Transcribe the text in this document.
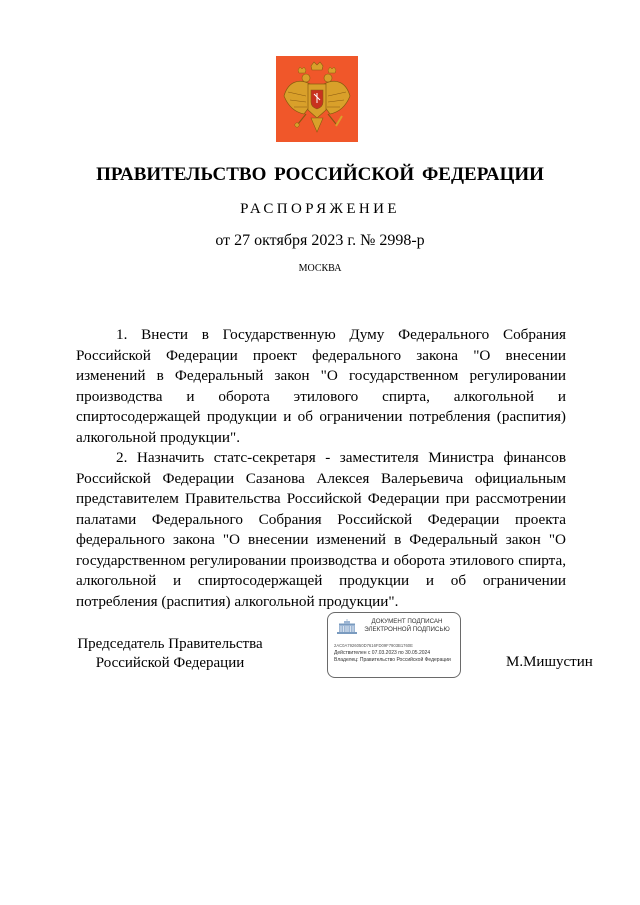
ПРАВИТЕЛЬСТВО РОССИЙСКОЙ ФЕДЕРАЦИИ
РАСПОРЯЖЕНИЕ
от 27 октября 2023 г. № 2998-р
МОСКВА

1. Внести в Государственную Думу Федерального Собрания Российской Федерации проект федерального закона "О внесении изменений в Федеральный закон "О государственном регулировании производства и оборота этилового спирта, алкогольной и спиртосодержащей продукции и об ограничении потребления (распития) алкогольной продукции".

2. Назначить статс-секретаря - заместителя Министра финансов Российской Федерации Сазанова Алексея Валерьевича официальным представителем Правительства Российской Федерации при рассмотрении палатами Федерального Собрания Российской Федерации проекта федерального закона "О внесении изменений в Федеральный закон "О государственном регулировании производства и оборота этилового спирта, алкогольной и спиртосодержащей продукции и об ограничении потребления (распития) алкогольной продукции".

Председатель Правительства
Российской Федерации
ДОКУМЕНТ ПОДПИСАН
ЭЛЕКТРОННОЙ ПОДПИСЬЮ
2AC0A7926050D7616FD09F7903B1760E
Действителен с 07.03.2023 по 30.05.2024
Владелец: Правительство Российской Федерации	М.Мишустин
